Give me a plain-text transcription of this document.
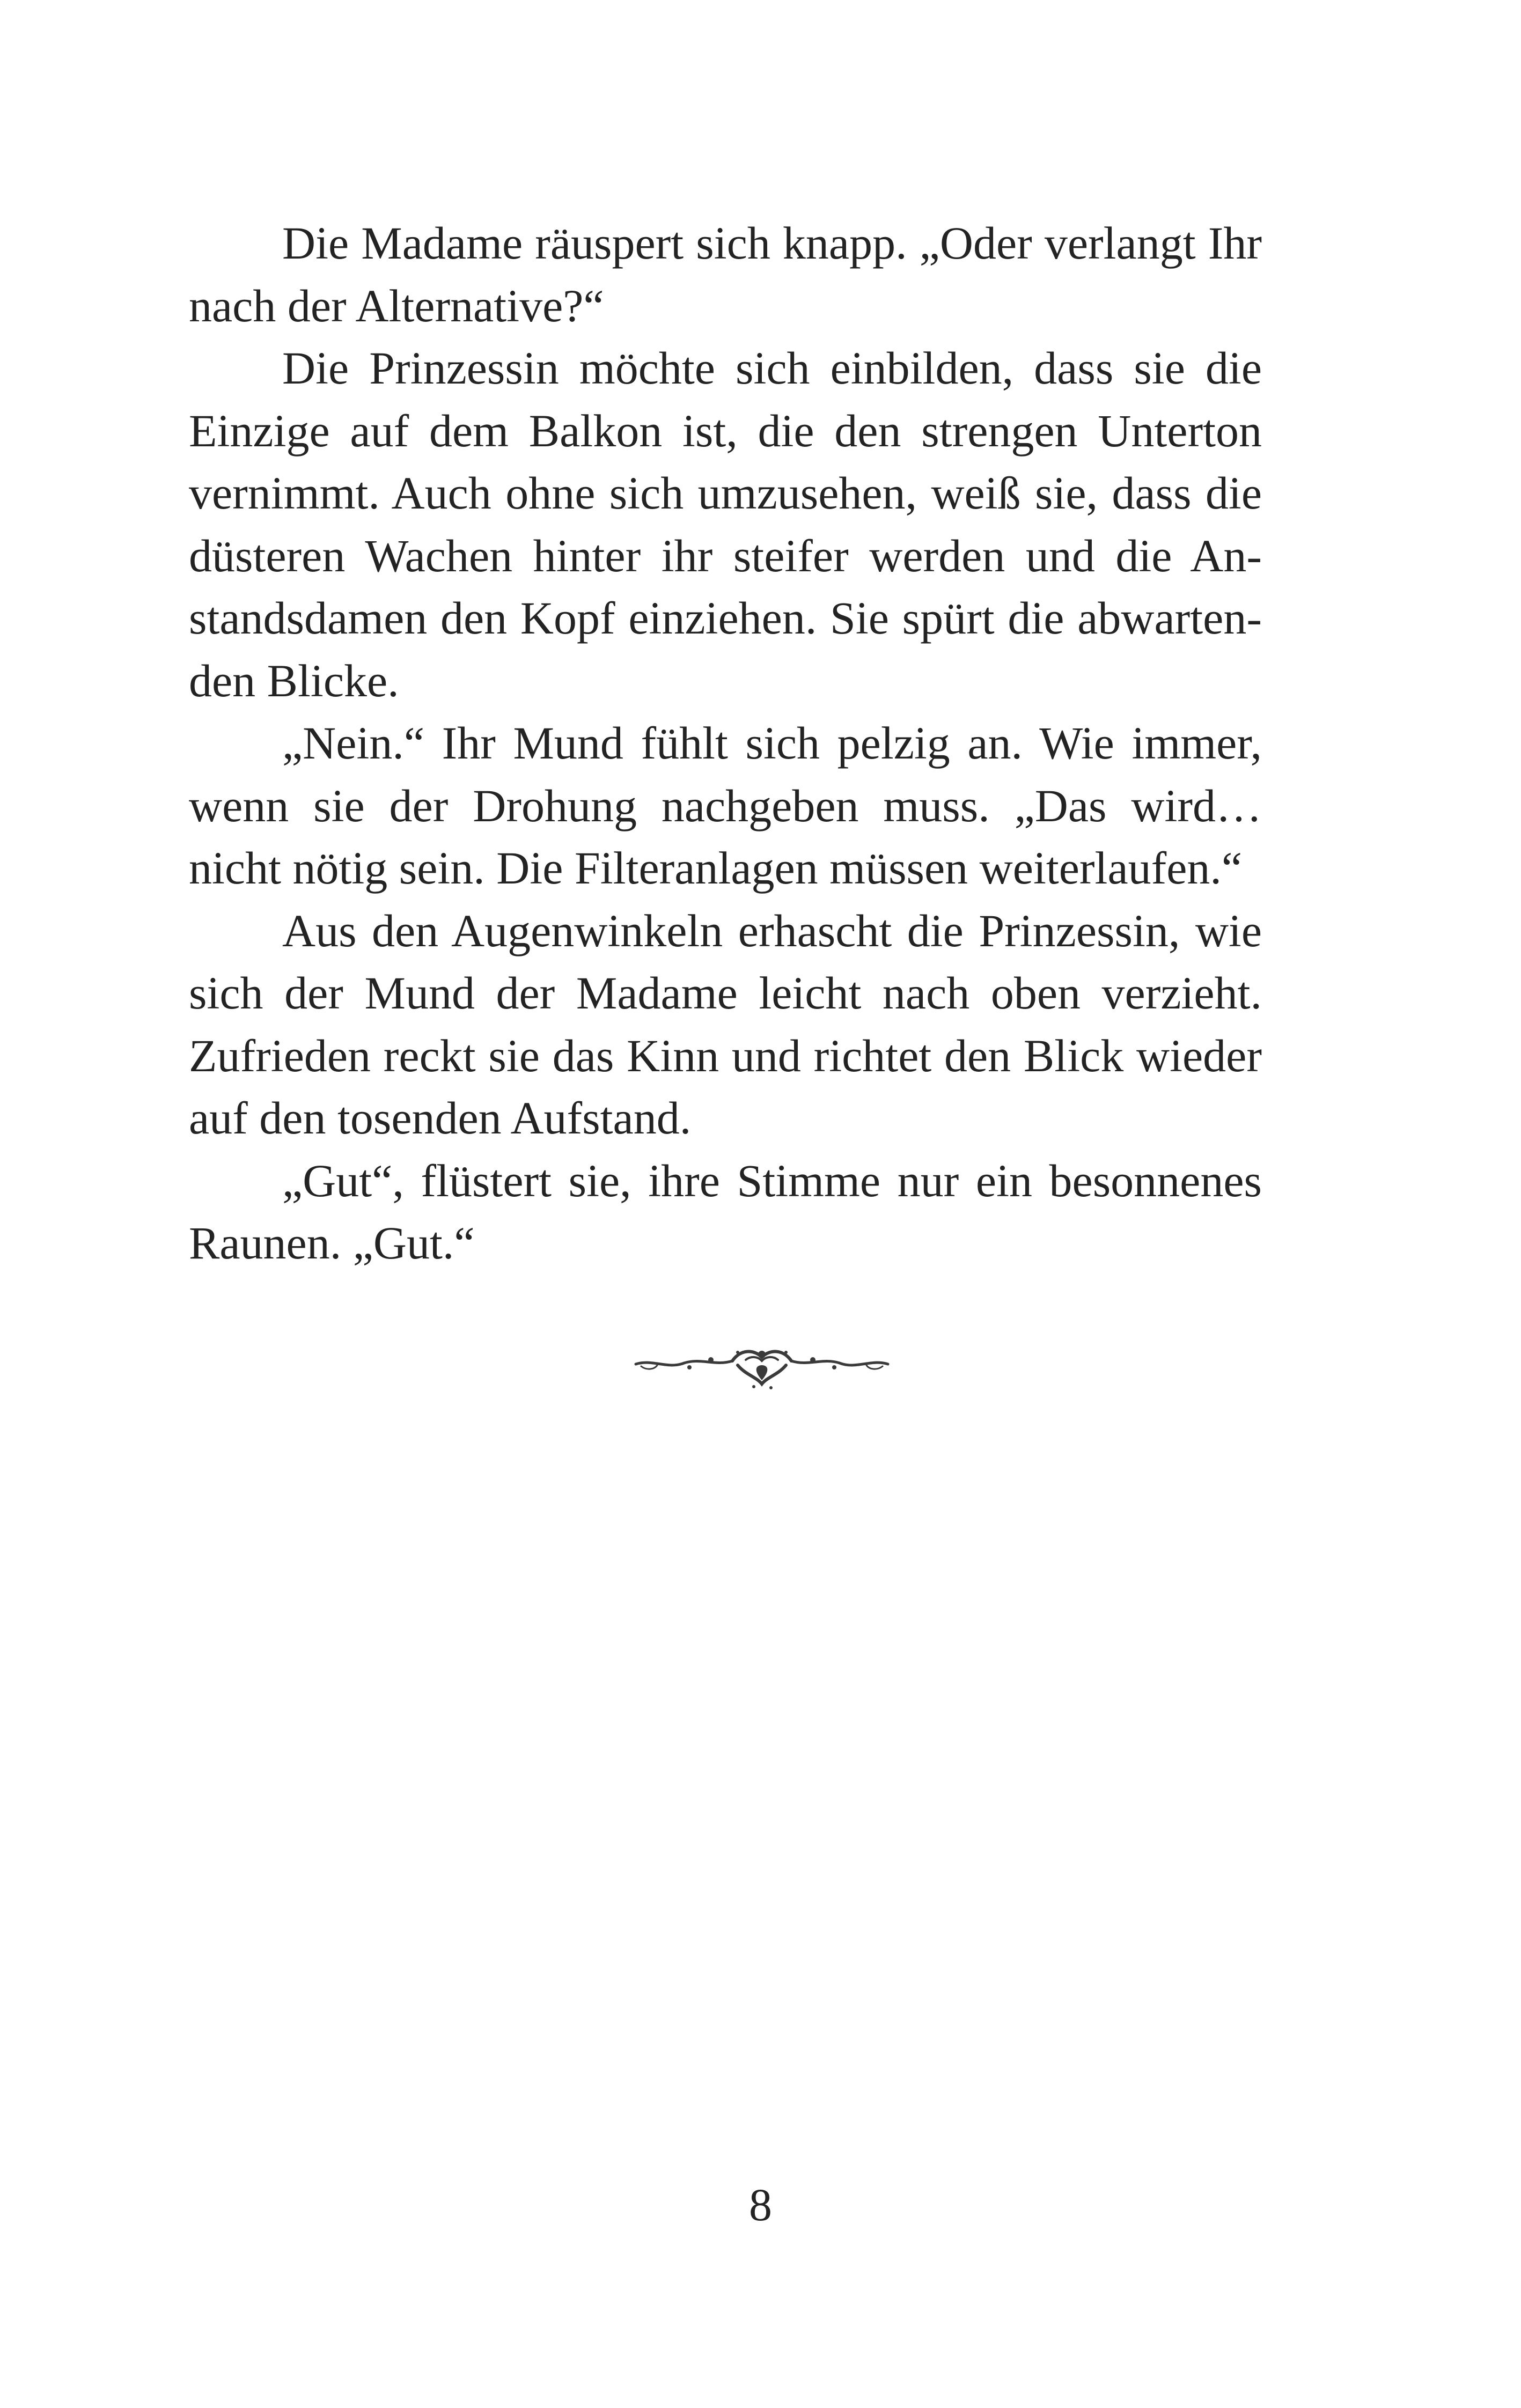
Die Madame räuspert sich knapp. „Oder verlangt Ihr nach der Alternative?“

Die Prinzessin möchte sich einbilden, dass sie die Einzige auf dem Balkon ist, die den strengen Unterton vernimmt. Auch ohne sich umzusehen, weiß sie, dass die düsteren Wachen hinter ihr steifer werden und die Anstandsdamen den Kopf einziehen. Sie spürt die abwartenden Blicke.

„Nein.“ Ihr Mund fühlt sich pelzig an. Wie immer, wenn sie der Drohung nachgeben muss. „Das wird… nicht nötig sein. Die Filteranlagen müssen weiterlaufen.“

Aus den Augenwinkeln erhascht die Prinzessin, wie sich der Mund der Madame leicht nach oben verzieht. Zufrieden reckt sie das Kinn und richtet den Blick wieder auf den tosenden Aufstand.

„Gut“, flüstert sie, ihre Stimme nur ein besonnenes Raunen. „Gut.“

8
